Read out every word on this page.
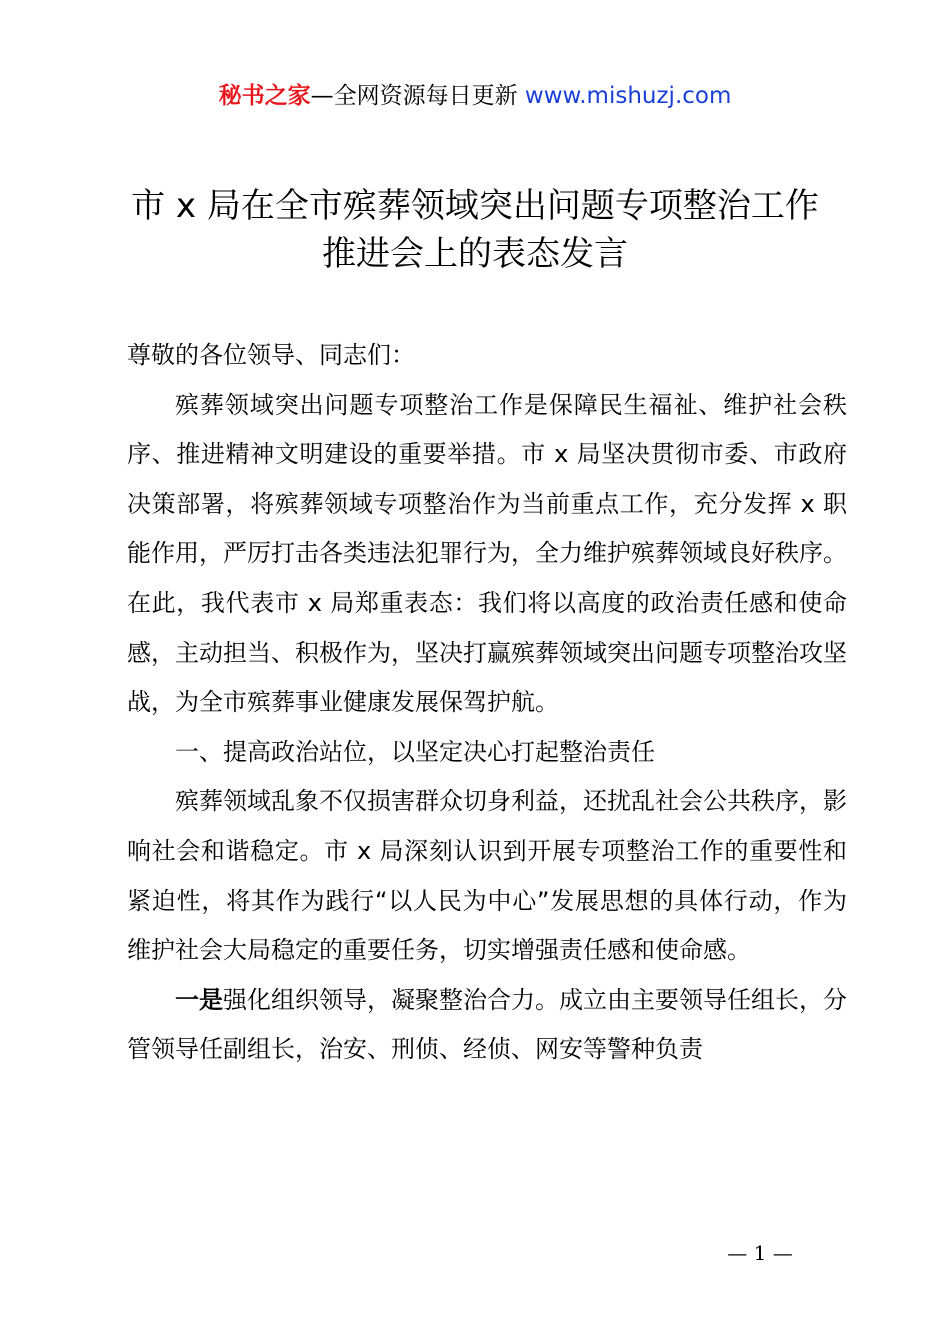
秘书之家—全网资源每日更新 www.mishuzj.com
市 x 局在全市殡葬领域突出问题专项整治工作
推进会上的表态发言

尊敬的各位领导、同志们：

殡葬领域突出问题专项整治工作是保障民生福祉、维护社会秩序、推进精神文明建设的重要举措。市 x 局坚决贯彻市委、市政府决策部署，将殡葬领域专项整治作为当前重点工作，充分发挥 x 职能作用，严厉打击各类违法犯罪行为，全力维护殡葬领域良好秩序。在此，我代表市 x 局郑重表态：我们将以高度的政治责任感和使命感，主动担当、积极作为，坚决打赢殡葬领域突出问题专项整治攻坚战，为全市殡葬事业健康发展保驾护航。

一、提高政治站位，以坚定决心打起整治责任

殡葬领域乱象不仅损害群众切身利益，还扰乱社会公共秩序，影响社会和谐稳定。市 x 局深刻认识到开展专项整治工作的重要性和紧迫性，将其作为践行“以人民为中心”发展思想的具体行动，作为维护社会大局稳定的重要任务，切实增强责任感和使命感。

一是强化组织领导，凝聚整治合力。成立由主要领导任组长，分管领导任副组长，治安、刑侦、经侦、网安等警种负责

— 1 —
